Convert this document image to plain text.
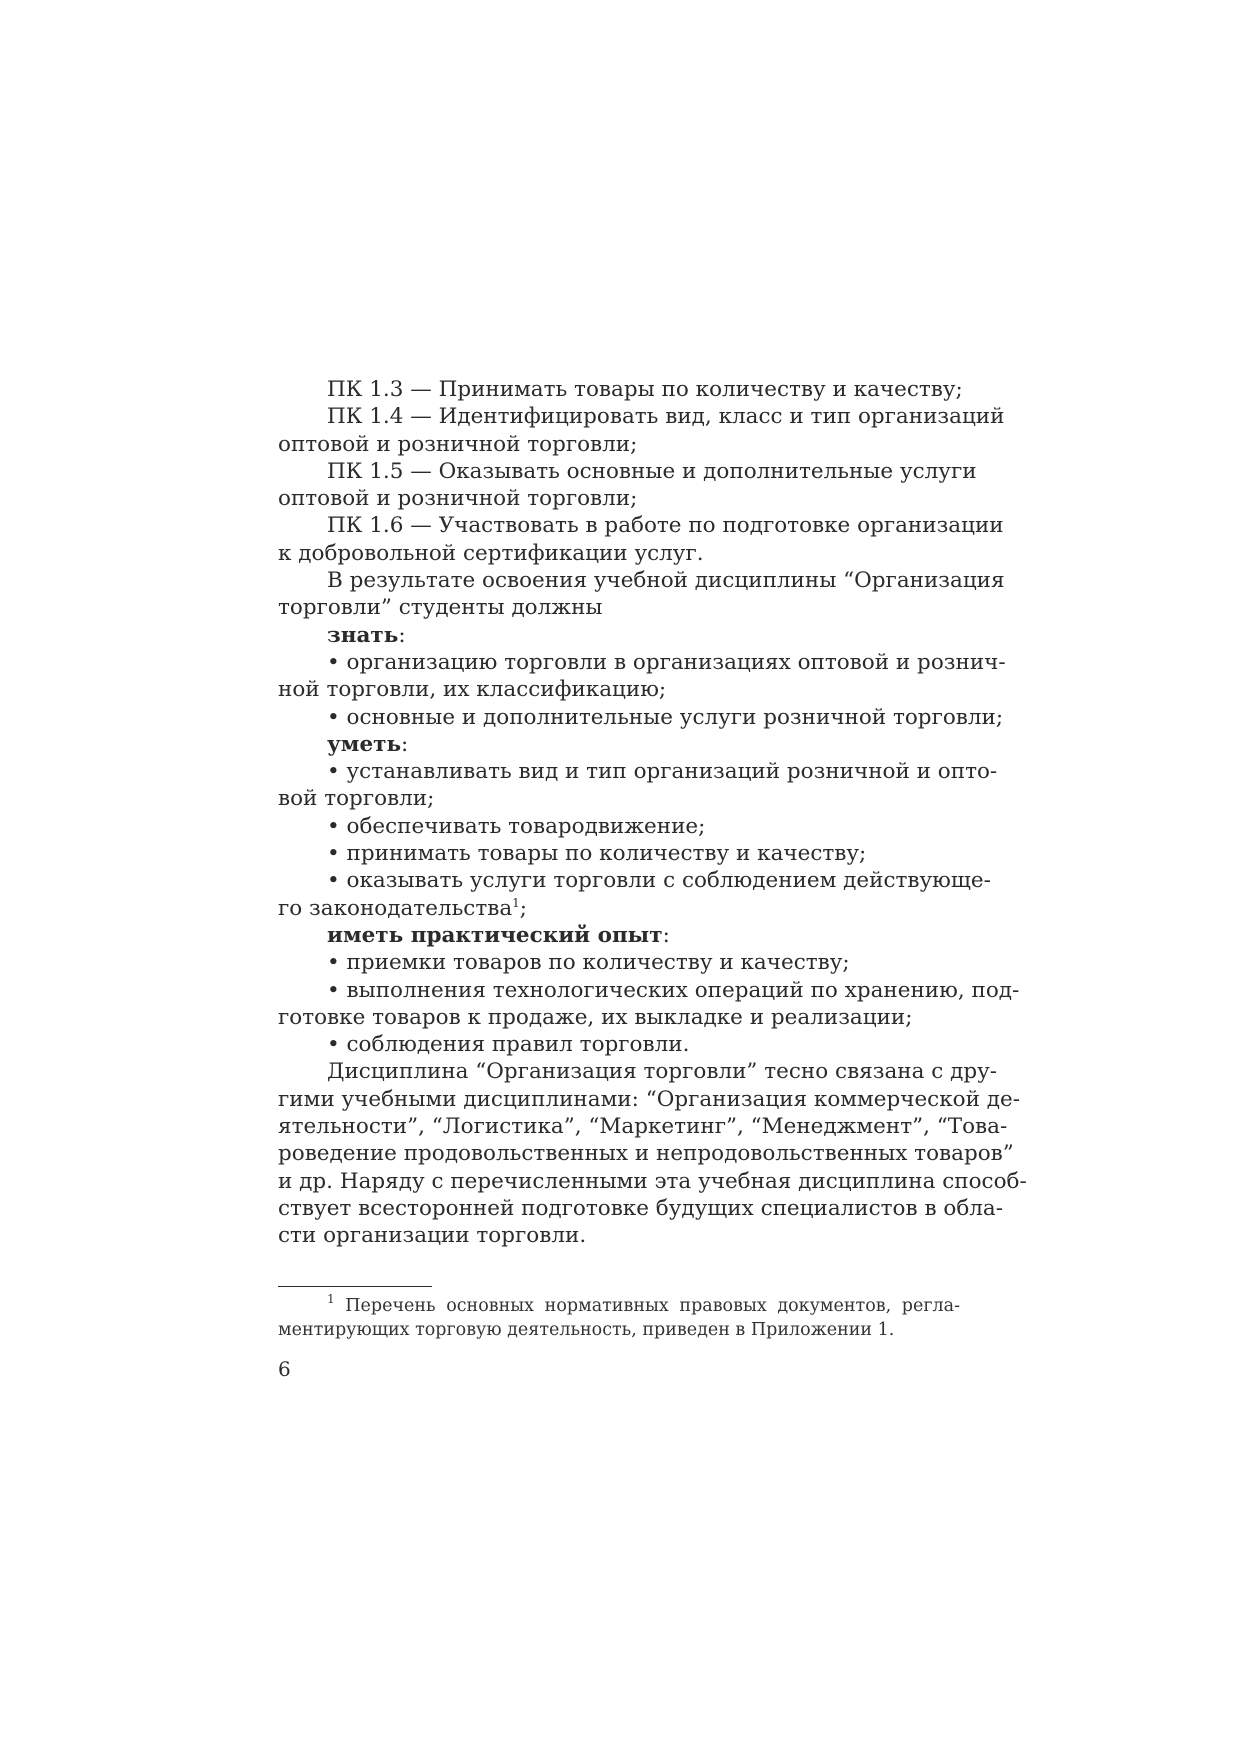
ПК 1.3 — Принимать товары по количеству и качеству;
ПК 1.4 — Идентифицировать вид, класс и тип организаций
оптовой и розничной торговли;
ПК 1.5 — Оказывать основные и дополнительные услуги
оптовой и розничной торговли;
ПК 1.6 — Участвовать в работе по подготовке организации
к добровольной сертификации услуг.
В результате освоения учебной дисциплины “Организация
торговли” студенты должны
знать:
• организацию торговли в организациях оптовой и рознич-
ной торговли, их классификацию;
• основные и дополнительные услуги розничной торговли;
уметь:
• устанавливать вид и тип организаций розничной и опто-
вой торговли;
• обеспечивать товародвижение;
• принимать товары по количеству и качеству;
• оказывать услуги торговли с соблюдением действующе-
го законодательства$^1$;
иметь практический опыт:
• приемки товаров по количеству и качеству;
• выполнения технологических операций по хранению, под-
готовке товаров к продаже, их выкладке и реализации;
• соблюдения правил торговли.
Дисциплина “Организация торговли” тесно связана с дру-
гими учебными дисциплинами: “Организация коммерческой де-
ятельности”, “Логистика”, “Маркетинг”, “Менеджмент”, “Това-
роведение продовольственных и непродовольственных товаров”
и др. Наряду с перечисленными эта учебная дисциплина способ-
ствует всесторонней подготовке будущих специалистов в обла-
сти организации торговли.
$^1$ Перечень основных нормативных правовых документов, регла-
ментирующих торговую деятельность, приведен в Приложении 1.
6
